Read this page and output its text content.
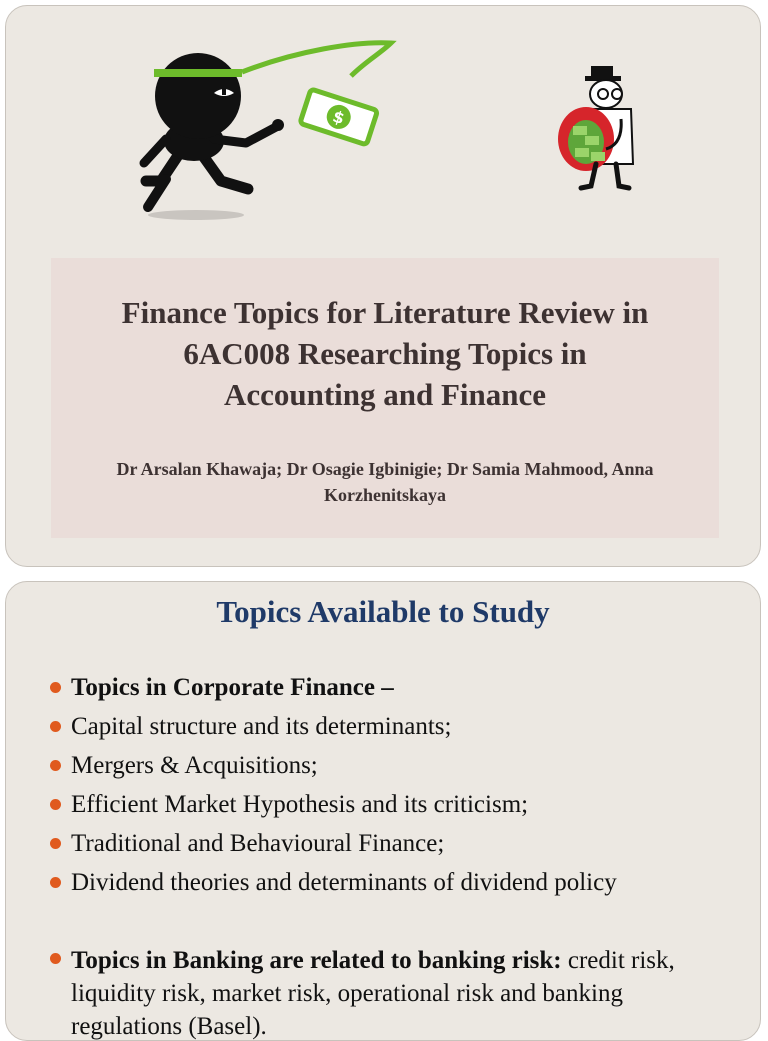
$
Finance Topics for Literature Review in
6AC008 Researching Topics in
Accounting and Finance
Dr Arsalan Khawaja; Dr Osagie Igbinigie; Dr Samia Mahmood, Anna
Korzhenitskaya
Topics Available to Study
Topics in Corporate Finance –
Capital structure and its determinants;
Mergers & Acquisitions;
Efficient Market Hypothesis and its criticism;
Traditional and Behavioural Finance;
Dividend theories and determinants of dividend policy
Topics in Banking are related to banking risk: credit risk, liquidity risk, market risk, operational risk and banking regulations (Basel).
